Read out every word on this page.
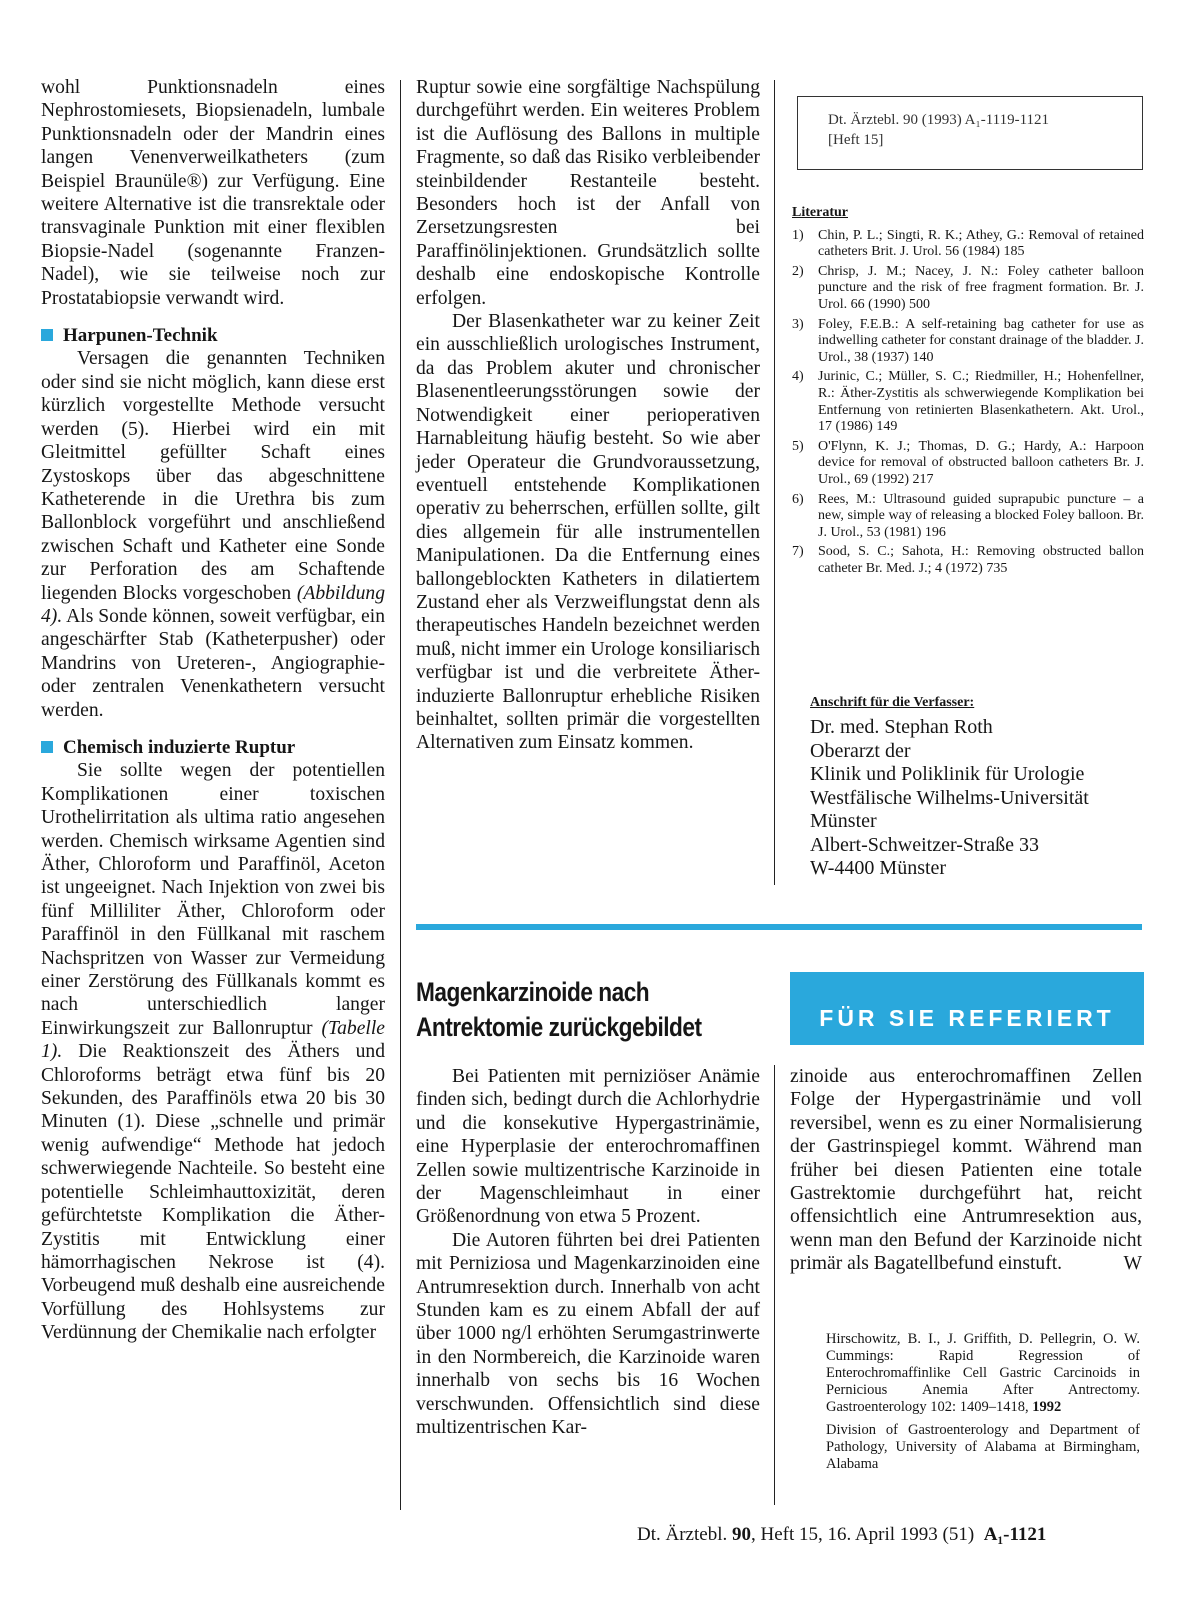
wohl Punktionsnadeln eines Nephrostomiesets, Biopsienadeln, lumbale Punktionsnadeln oder der Mandrin eines langen Venenverweilkatheters (zum Beispiel Braunüle®) zur Verfügung. Eine weitere Alternative ist die transrektale oder transvaginale Punktion mit einer flexiblen Biopsie-Nadel (sogenannte Franzen-Nadel), wie sie teilweise noch zur Prostatabiopsie verwandt wird.

Harpunen-Technik

Versagen die genannten Techniken oder sind sie nicht möglich, kann diese erst kürzlich vorgestellte Methode versucht werden (5). Hierbei wird ein mit Gleitmittel gefüllter Schaft eines Zystoskops über das abgeschnittene Katheterende in die Urethra bis zum Ballonblock vorgeführt und anschließend zwischen Schaft und Katheter eine Sonde zur Perforation des am Schaftende liegenden Blocks vorgeschoben (Abbildung 4). Als Sonde können, soweit verfügbar, ein angeschärfter Stab (Katheterpusher) oder Mandrins von Ureteren-, Angiographie- oder zentralen Venenkathetern versucht werden.

Chemisch induzierte Ruptur

Sie sollte wegen der potentiellen Komplikationen einer toxischen Urothelirritation als ultima ratio angesehen werden. Chemisch wirksame Agentien sind Äther, Chloroform und Paraffinöl, Aceton ist ungeeignet. Nach Injektion von zwei bis fünf Milliliter Äther, Chloroform oder Paraffinöl in den Füllkanal mit raschem Nachspritzen von Wasser zur Vermeidung einer Zerstörung des Füllkanals kommt es nach unterschiedlich langer Einwirkungszeit zur Ballonruptur (Tabelle 1). Die Reaktionszeit des Äthers und Chloroforms beträgt etwa fünf bis 20 Sekunden, des Paraffinöls etwa 20 bis 30 Minuten (1). Diese „schnelle und primär wenig aufwendige“ Methode hat jedoch schwerwiegende Nachteile. So besteht eine potentielle Schleimhauttoxizität, deren gefürchtetste Komplikation die Äther-Zystitis mit Entwicklung einer hämorrhagischen Nekrose ist (4). Vorbeugend muß deshalb eine ausreichende Vorfüllung des Hohlsystems zur Verdünnung der Chemikalie nach erfolgter

Ruptur sowie eine sorgfältige Nachspülung durchgeführt werden. Ein weiteres Problem ist die Auflösung des Ballons in multiple Fragmente, so daß das Risiko verbleibender steinbildender Restanteile besteht. Besonders hoch ist der Anfall von Zersetzungsresten bei Paraffinölinjektionen. Grundsätzlich sollte deshalb eine endoskopische Kontrolle erfolgen.

Der Blasenkatheter war zu keiner Zeit ein ausschließlich urologisches Instrument, da das Problem akuter und chronischer Blasenentleerungsstörungen sowie der Notwendigkeit einer perioperativen Harnableitung häufig besteht. So wie aber jeder Operateur die Grundvoraussetzung, eventuell entstehende Komplikationen operativ zu beherrschen, erfüllen sollte, gilt dies allgemein für alle instrumentellen Manipulationen. Da die Entfernung eines ballongeblockten Katheters in dilatiertem Zustand eher als Verzweiflungstat denn als therapeutisches Handeln bezeichnet werden muß, nicht immer ein Urologe konsiliarisch verfügbar ist und die verbreitete Äther-induzierte Ballonruptur erhebliche Risiken beinhaltet, sollten primär die vorgestellten Alternativen zum Einsatz kommen.

Dt. Ärztebl. 90 (1993) A₁-1119-1121
[Heft 15]
Literatur
1)	Chin, P. L.; Singti, R. K.; Athey, G.: Removal of retained catheters Brit. J. Urol. 56 (1984) 185
2)	Chrisp, J. M.; Nacey, J. N.: Foley catheter balloon puncture and the risk of free fragment formation. Br. J. Urol. 66 (1990) 500
3)	Foley, F.E.B.: A self-retaining bag catheter for use as indwelling catheter for constant drainage of the bladder. J. Urol., 38 (1937) 140
4)	Jurinic, C.; Müller, S. C.; Riedmiller, H.; Hohenfellner, R.: Äther-Zystitis als schwerwiegende Komplikation bei Entfernung von retinierten Blasenkathetern. Akt. Urol., 17 (1986) 149
5)	O'Flynn, K. J.; Thomas, D. G.; Hardy, A.: Harpoon device for removal of obstructed balloon catheters Br. J. Urol., 69 (1992) 217
6)	Rees, M.: Ultrasound guided suprapubic puncture – a new, simple way of releasing a blocked Foley balloon. Br. J. Urol., 53 (1981) 196
7)	Sood, S. C.; Sahota, H.: Removing obstructed ballon catheter Br. Med. J.; 4 (1972) 735
Anschrift für die Verfasser:
Dr. med. Stephan Roth
Oberarzt der
Klinik und Poliklinik für Urologie
Westfälische Wilhelms-Universität
Münster
Albert-Schweitzer-Straße 33
W-4400 Münster
Magenkarzinoide nach
Antrektomie zurückgebildet	FÜR SIE REFERIERT

Bei Patienten mit perniziöser Anämie finden sich, bedingt durch die Achlorhydrie und die konsekutive Hypergastrinämie, eine Hyperplasie der enterochromaffinen Zellen sowie multizentrische Karzinoide in der Magenschleimhaut in einer Größenordnung von etwa 5 Prozent.

Die Autoren führten bei drei Patienten mit Perniziosa und Magenkarzinoiden eine Antrumresektion durch. Innerhalb von acht Stunden kam es zu einem Abfall der auf über 1000 ng/l erhöhten Serumgastrinwerte in den Normbereich, die Karzinoide waren innerhalb von sechs bis 16 Wochen verschwunden. Offensichtlich sind diese multizentrischen Kar-

zinoide aus enterochromaffinen Zellen Folge der Hypergastrinämie und voll reversibel, wenn es zu einer Normalisierung der Gastrinspiegel kommt. Während man früher bei diesen Patienten eine totale Gastrektomie durchgeführt hat, reicht offensichtlich eine Antrumresektion aus, wenn man den Befund der Karzinoide nicht primär als Bagatellbefund einstuft.	W

Hirschowitz, B. I., J. Griffith, D. Pellegrin, O. W. Cummings: Rapid Regression of Enterochromaffinlike Cell Gastric Carcinoids in Pernicious Anemia After Antrectomy. Gastroenterology 102: 1409–1418, 1992
Division of Gastroenterology and Department of Pathology, University of Alabama at Birmingham, Alabama
Dt. Ärztebl. 90, Heft 15, 16. April 1993 (51) A₁-1121
